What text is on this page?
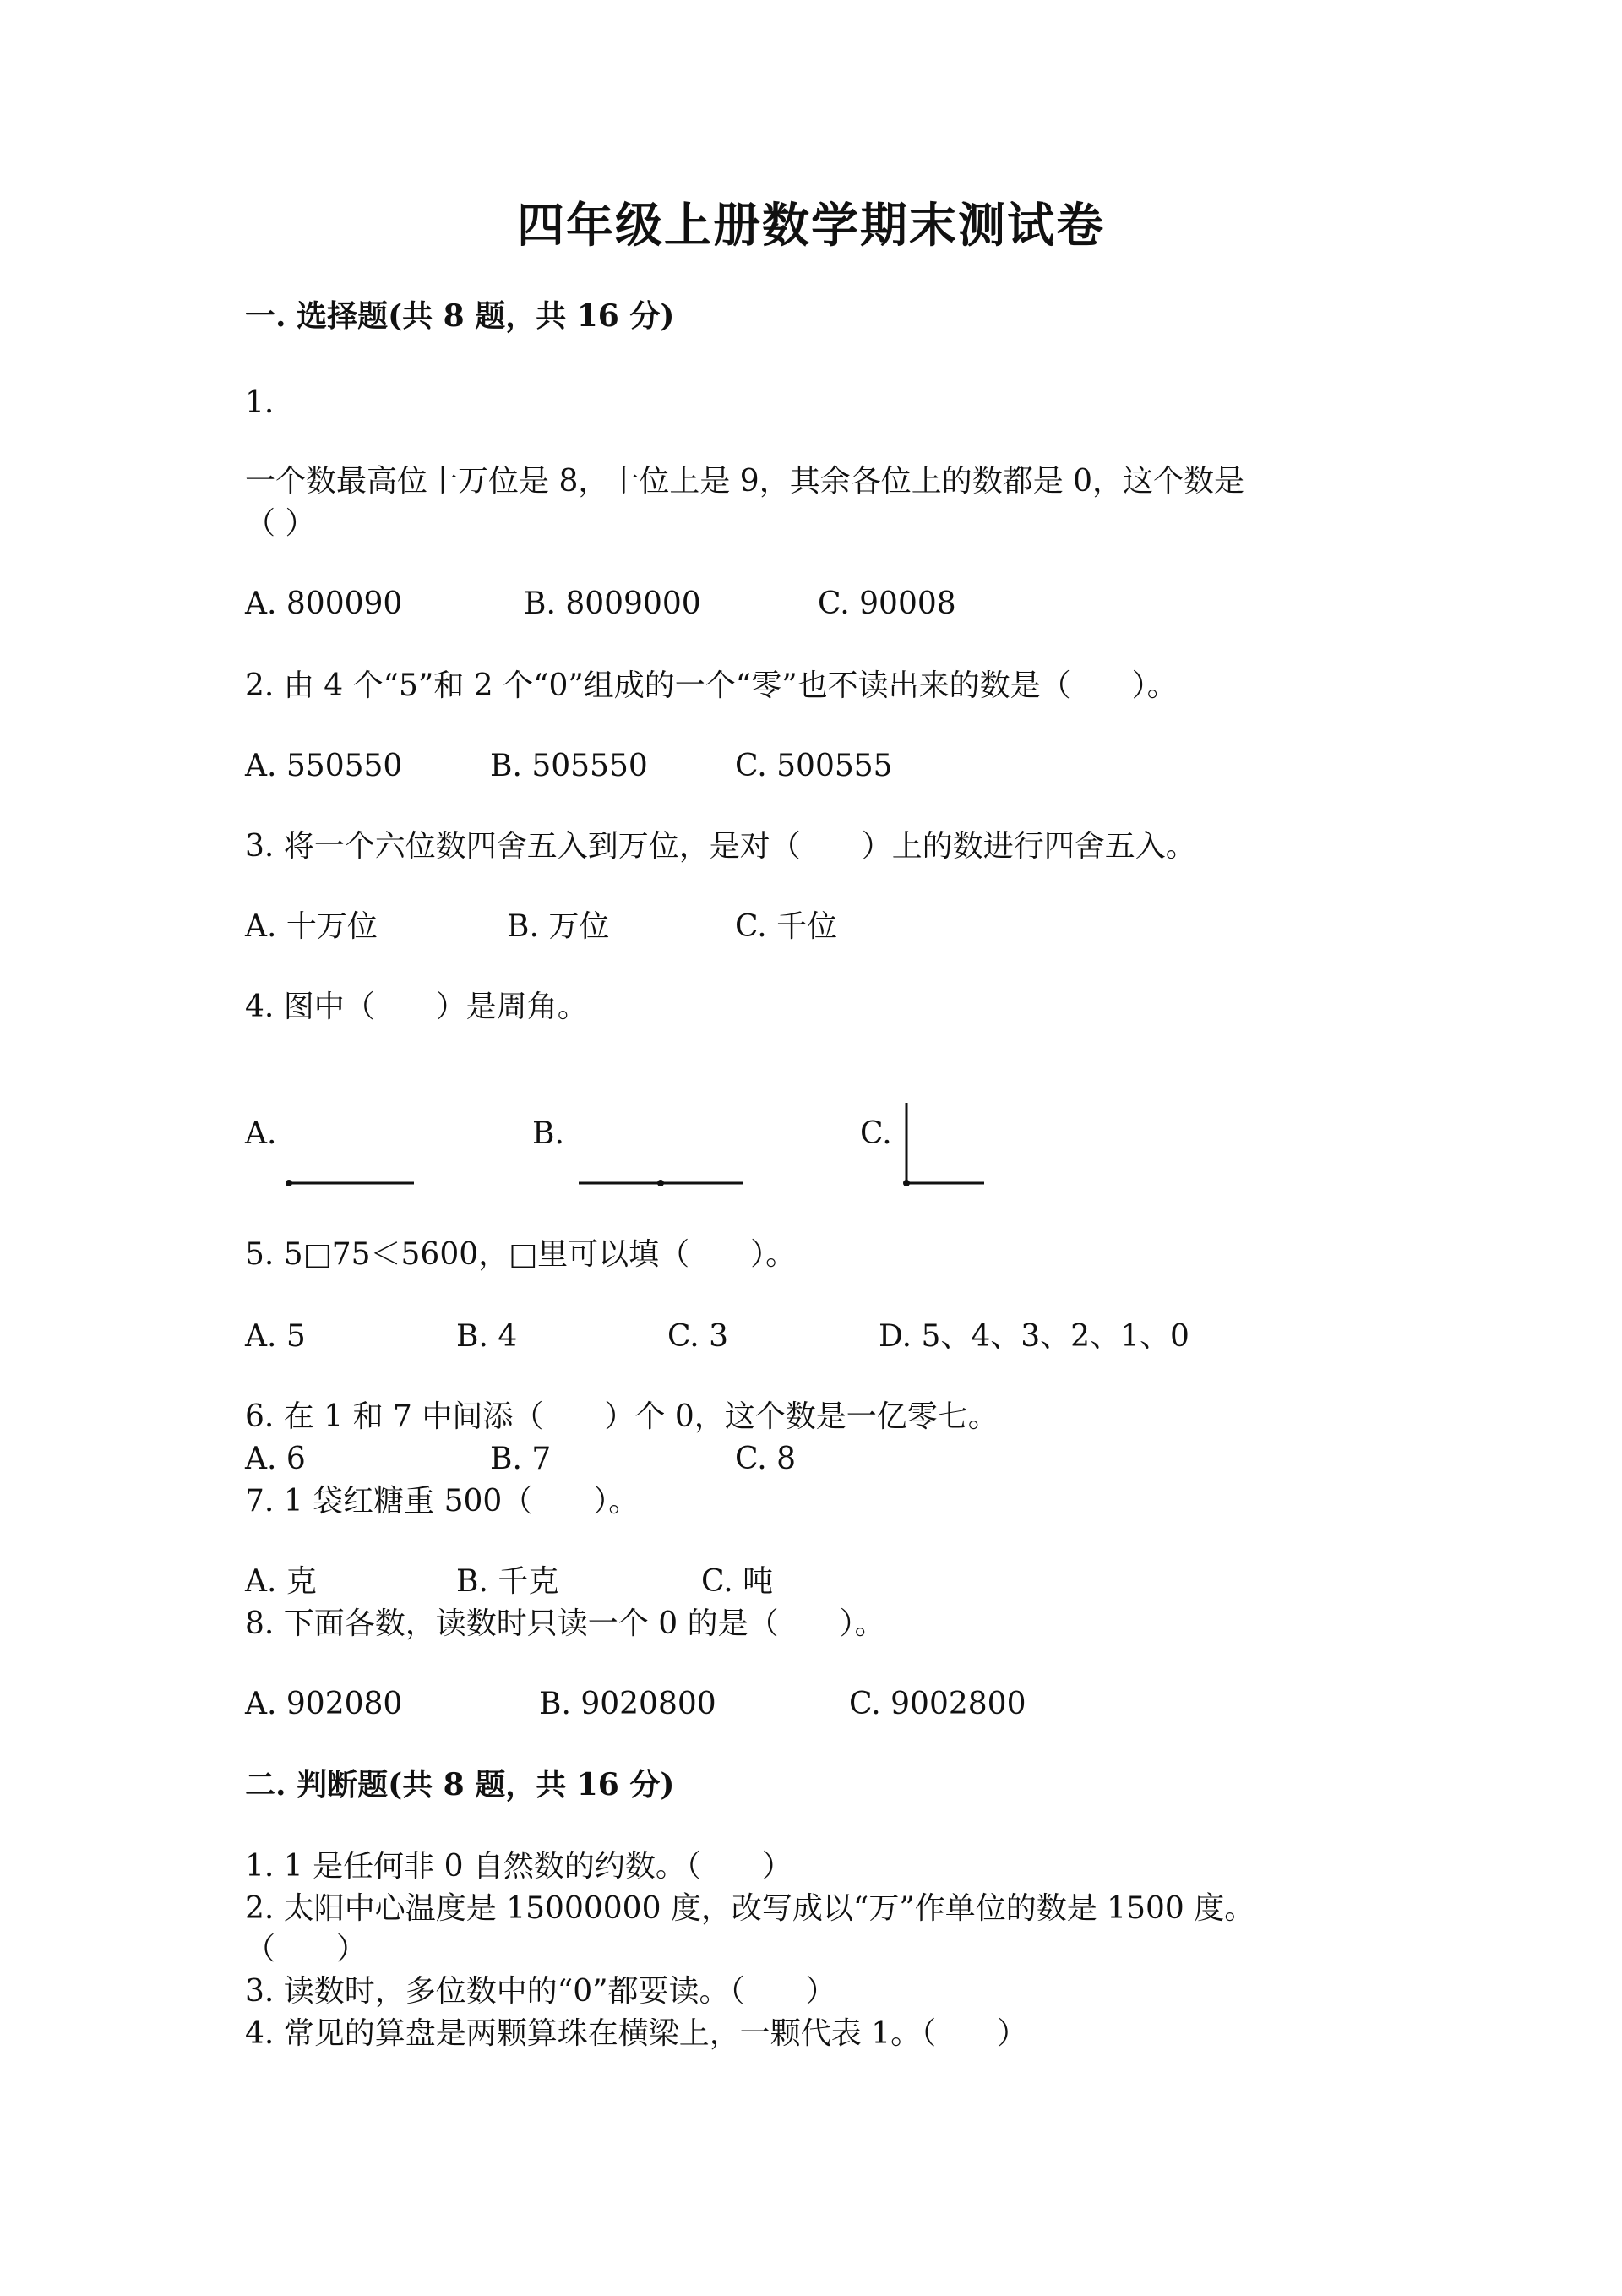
四年级上册数学期末测试卷
一. 选择题(共 8 题，共 16 分)
1.
一个数最高位十万位是 8，十位上是 9，其余各位上的数都是 0，这个数是
（ ）
A. 800090	B. 8009000	C. 90008
2. 由 4 个“5”和 2 个“0”组成的一个“零”也不读出来的数是（　　）。
A. 550550	B. 505550	C. 500555
3. 将一个六位数四舍五入到万位，是对（　　）上的数进行四舍五入。
A. 十万位	B. 万位	C. 千位
4. 图中（　　）是周角。
A.	B.	C.
5. 5□75＜5600，□里可以填（　　）。
A. 5	B. 4	C. 3	D. 5、4、3、2、1、0
6. 在 1 和 7 中间添（　　）个 0，这个数是一亿零七。
A. 6	B. 7	C. 8
7. 1 袋红糖重 500（　　）。
A. 克	B. 千克	C. 吨
8. 下面各数，读数时只读一个 0 的是（　　）。
A. 902080	B. 9020800	C. 9002800
二. 判断题(共 8 题，共 16 分)
1. 1 是任何非 0 自然数的约数。（　　）
2. 太阳中心温度是 15000000 度，改写成以“万”作单位的数是 1500 度。
（　　）
3. 读数时，多位数中的“0”都要读。（　　）
4. 常见的算盘是两颗算珠在横梁上，一颗代表 1。（　　）
